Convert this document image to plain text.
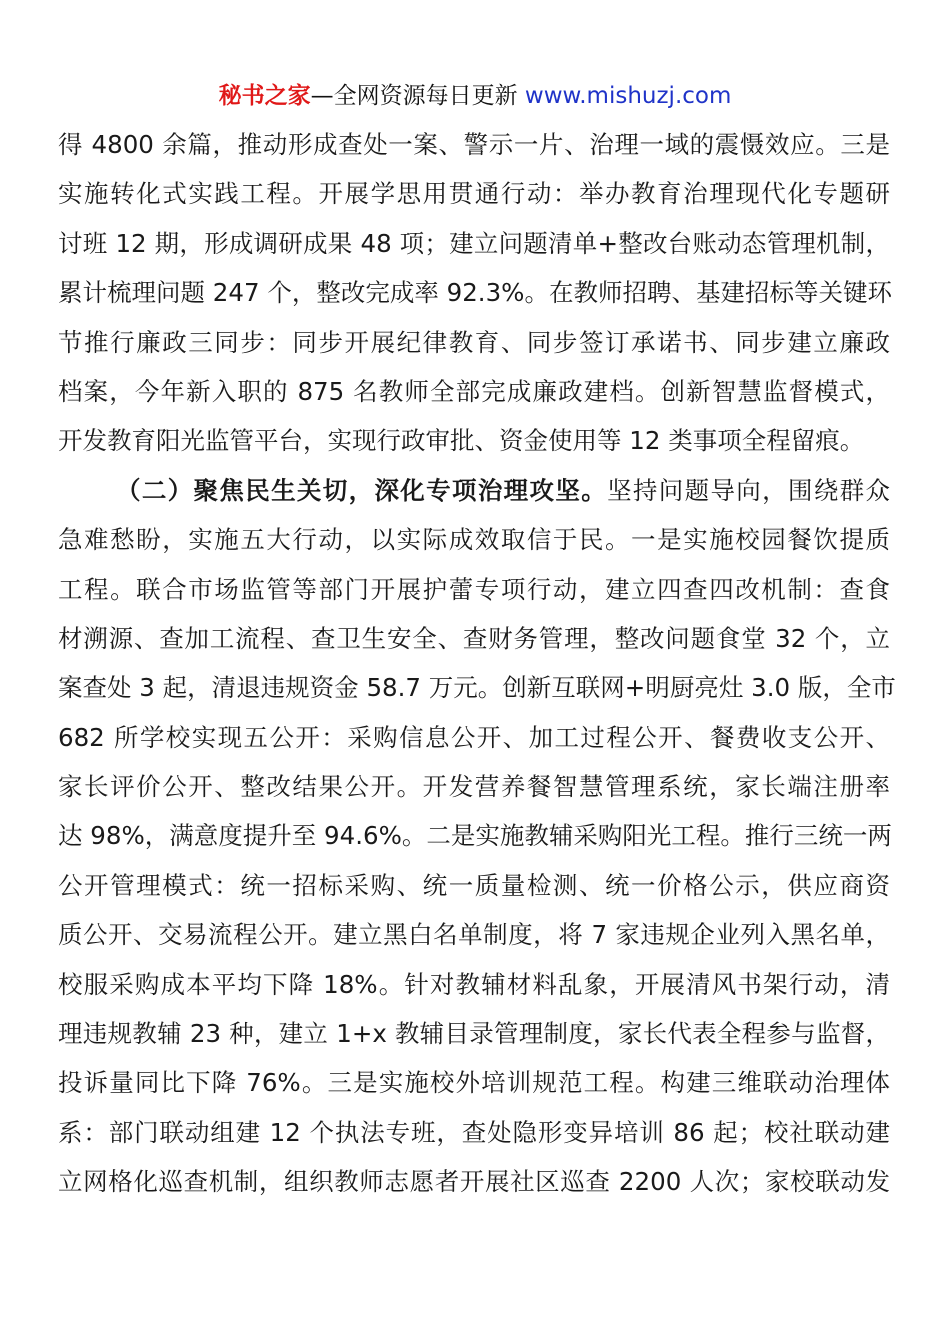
秘书之家—全网资源每日更新 www.mishuzj.com
得 4800 余篇，推动形成查处一案、警示一片、治理一域的震慑效应。三是
实施转化式实践工程。开展学思用贯通行动：举办教育治理现代化专题研
讨班 12 期，形成调研成果 48 项；建立问题清单+整改台账动态管理机制，
累计梳理问题 247 个，整改完成率 92.3%。在教师招聘、基建招标等关键环
节推行廉政三同步：同步开展纪律教育、同步签订承诺书、同步建立廉政
档案，今年新入职的 875 名教师全部完成廉政建档。创新智慧监督模式，
开发教育阳光监管平台，实现行政审批、资金使用等 12 类事项全程留痕。
（二）聚焦民生关切，深化专项治理攻坚。坚持问题导向，围绕群众
急难愁盼，实施五大行动，以实际成效取信于民。一是实施校园餐饮提质
工程。联合市场监管等部门开展护蕾专项行动，建立四查四改机制：查食
材溯源、查加工流程、查卫生安全、查财务管理，整改问题食堂 32 个，立
案查处 3 起，清退违规资金 58.7 万元。创新互联网+明厨亮灶 3.0 版，全市
682 所学校实现五公开：采购信息公开、加工过程公开、餐费收支公开、
家长评价公开、整改结果公开。开发营养餐智慧管理系统，家长端注册率
达 98%，满意度提升至 94.6%。二是实施教辅采购阳光工程。推行三统一两
公开管理模式：统一招标采购、统一质量检测、统一价格公示，供应商资
质公开、交易流程公开。建立黑白名单制度，将 7 家违规企业列入黑名单，
校服采购成本平均下降 18%。针对教辅材料乱象，开展清风书架行动，清
理违规教辅 23 种，建立 1+x 教辅目录管理制度，家长代表全程参与监督，
投诉量同比下降 76%。三是实施校外培训规范工程。构建三维联动治理体
系：部门联动组建 12 个执法专班，查处隐形变异培训 86 起；校社联动建
立网格化巡查机制，组织教师志愿者开展社区巡查 2200 人次；家校联动发
